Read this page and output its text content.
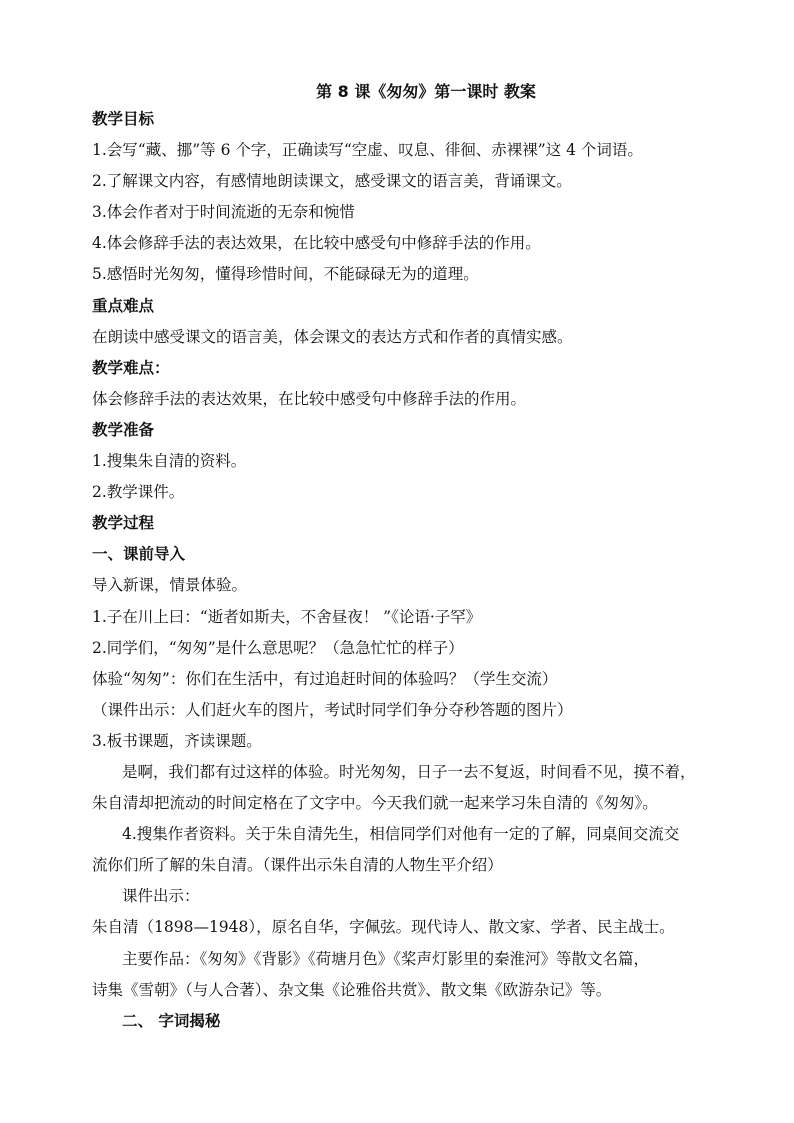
第 8 课《匆匆》第一课时 教案
教学目标
1.会写“藏、挪”等 6 个字，正确读写“空虚、叹息、徘徊、赤裸裸”这 4 个词语。
2.了解课文内容，有感情地朗读课文，感受课文的语言美，背诵课文。
3.体会作者对于时间流逝的无奈和惋惜
4.体会修辞手法的表达效果，在比较中感受句中修辞手法的作用。
5.感悟时光匆匆，懂得珍惜时间，不能碌碌无为的道理。
重点难点
在朗读中感受课文的语言美，体会课文的表达方式和作者的真情实感。
教学难点：
体会修辞手法的表达效果，在比较中感受句中修辞手法的作用。
教学准备
1.搜集朱自清的资料。
2.教学课件。
教学过程
一、课前导入
导入新课，情景体验。
1.子在川上曰：“逝者如斯夫，不舍昼夜！ ”《论语·子罕》
2.同学们，“匆匆”是什么意思呢？（急急忙忙的样子）
体验“匆匆”：你们在生活中，有过追赶时间的体验吗？（学生交流）
（课件出示：人们赶火车的图片，考试时同学们争分夺秒答题的图片）
3.板书课题，齐读课题。
是啊，我们都有过这样的体验。时光匆匆，日子一去不复返，时间看不见，摸不着，
朱自清却把流动的时间定格在了文字中。今天我们就一起来学习朱自清的《匆匆》。
4.搜集作者资料。关于朱自清先生，相信同学们对他有一定的了解，同桌间交流交
流你们所了解的朱自清。（课件出示朱自清的人物生平介绍）
课件出示：
朱自清（1898—1948），原名自华，字佩弦。现代诗人、散文家、学者、民主战士。
主要作品：《匆匆》《背影》《荷塘月色》《桨声灯影里的秦淮河》等散文名篇，
诗集《雪朝》（与人合著）、杂文集《论雅俗共赏》、散文集《欧游杂记》等。
二、 字词揭秘
